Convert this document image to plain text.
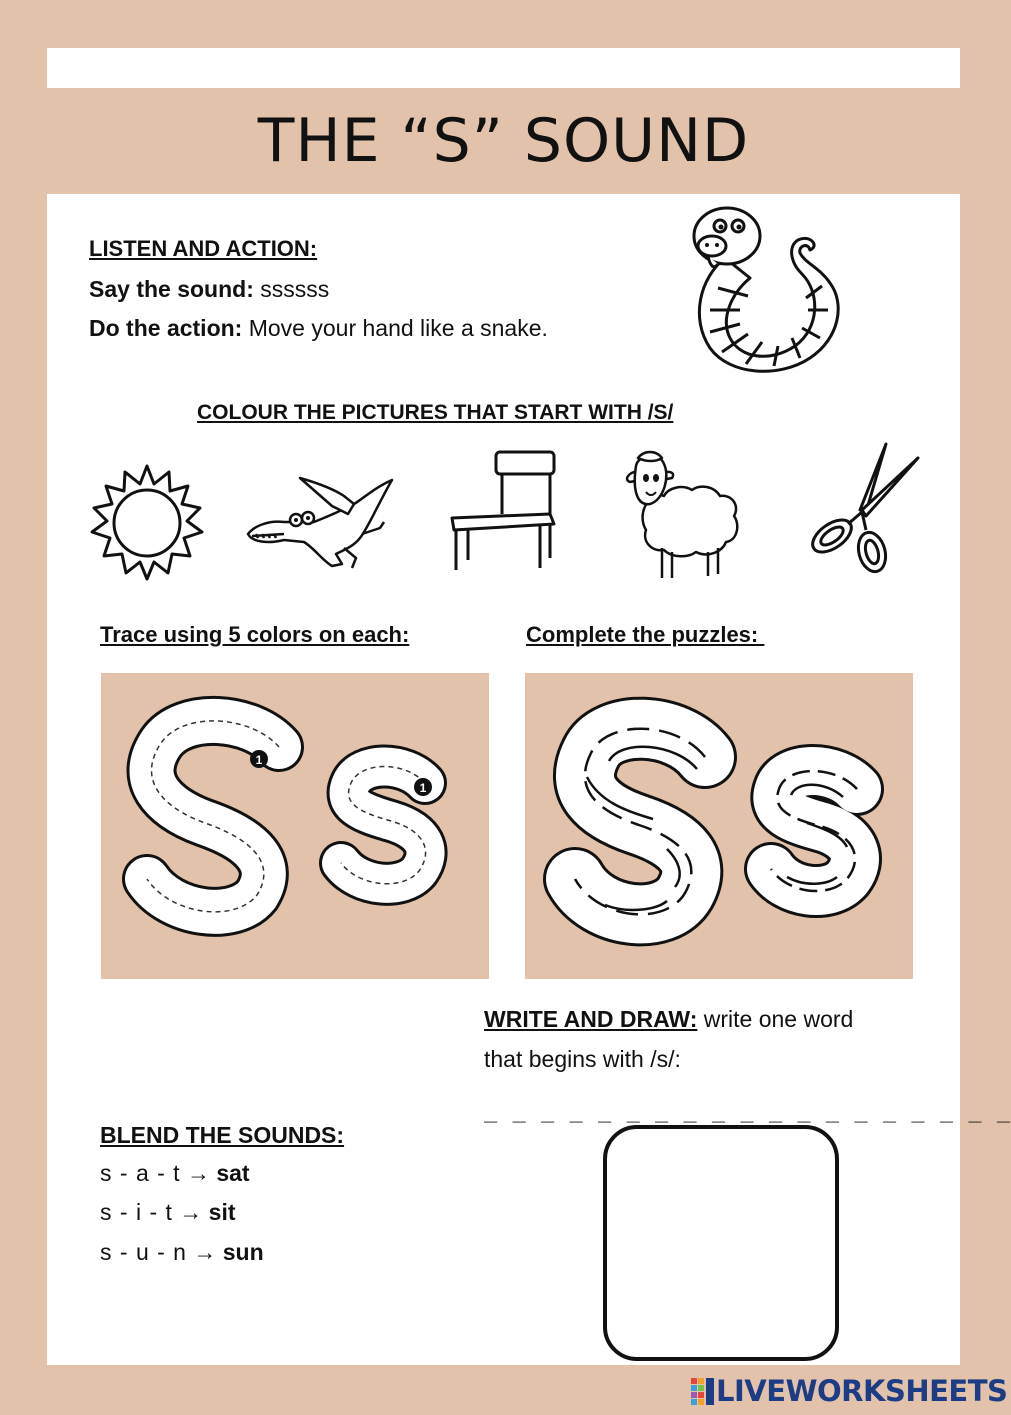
THE “S” SOUND
LISTEN AND ACTION:
Say the sound: ssssss
Do the action: Move your hand like a snake.
COLOUR THE PICTURES THAT START WITH /S/
Trace using 5 colors on each:	Complete the puzzles:
1
1
WRITE AND DRAW: write one word
that begins with /s/:
_ _ _ _ _ _ _ _ _ _ _ _ _ _ _ _ _ _ _
BLEND THE SOUNDS:
s - a - t → sat
s - i - t → sit
s - u - n → sun
LIVEWORKSHEETS
